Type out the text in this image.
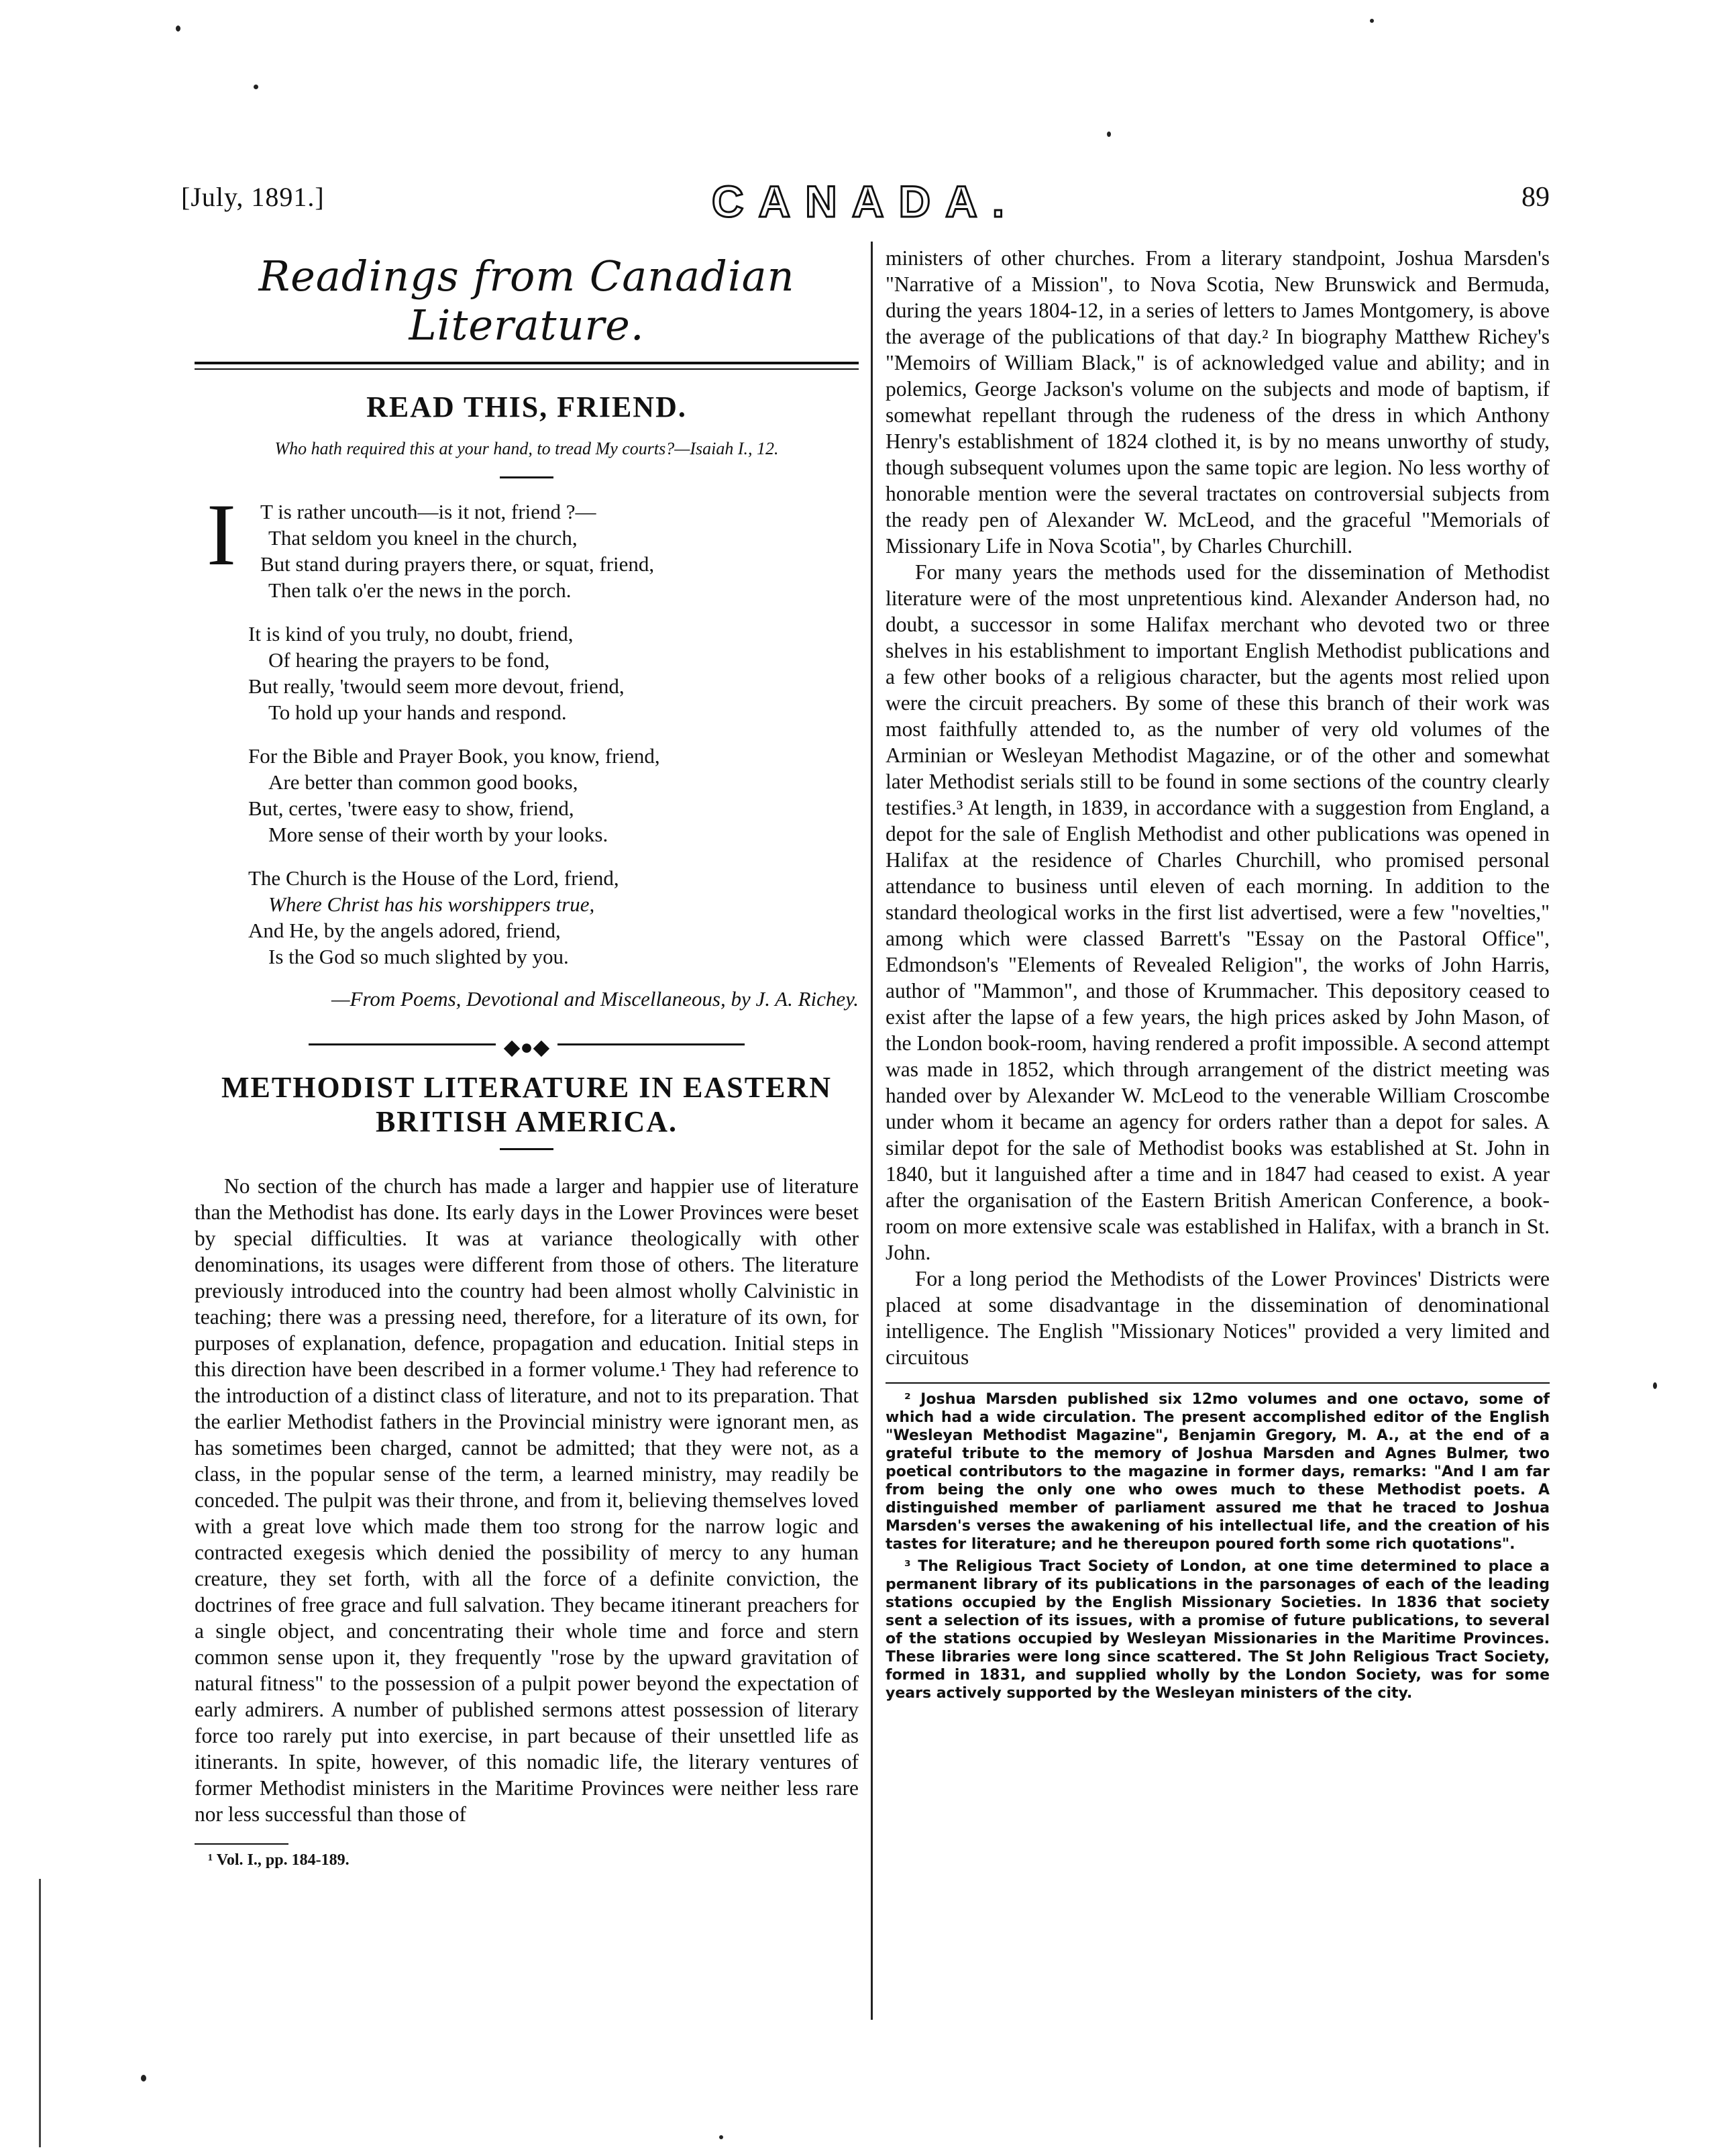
[July, 1891.]	CANADA.	89
Readings from Canadian Literature.
READ THIS, FRIEND.
Who hath required this at your hand, to tread My courts?—Isaiah I., 12.
I	T is rather uncouth—is it not, friend ?—
That seldom you kneel in the church,
But stand during prayers there, or squat, friend,
Then talk o'er the news in the porch.
It is kind of you truly, no doubt, friend,
Of hearing the prayers to be fond,
But really, 'twould seem more devout, friend,
To hold up your hands and respond.
For the Bible and Prayer Book, you know, friend,
Are better than common good books,
But, certes, 'twere easy to show, friend,
More sense of their worth by your looks.
The Church is the House of the Lord, friend,
Where Christ has his worshippers true,
And He, by the angels adored, friend,
Is the God so much slighted by you.
—From Poems, Devotional and Miscellaneous, by J. A. Richey.
◆●◆
METHODIST LITERATURE IN EASTERN
BRITISH AMERICA.

No section of the church has made a larger and happier use of literature than the Methodist has done. Its early days in the Lower Provinces were beset by special difficulties. It was at variance theologically with other denominations, its usages were different from those of others. The literature previously introduced into the country had been almost wholly Calvinistic in teaching; there was a pressing need, therefore, for a literature of its own, for purposes of explanation, defence, propagation and education. Initial steps in this direction have been described in a former volume.¹ They had reference to the introduction of a distinct class of literature, and not to its preparation. That the earlier Methodist fathers in the Provincial ministry were ignorant men, as has sometimes been charged, cannot be admitted; that they were not, as a class, in the popular sense of the term, a learned ministry, may readily be conceded. The pulpit was their throne, and from it, believing themselves loved with a great love which made them too strong for the narrow logic and contracted exegesis which denied the possibility of mercy to any human creature, they set forth, with all the force of a definite conviction, the doctrines of free grace and full salvation. They became itinerant preachers for a single object, and concentrating their whole time and force and stern common sense upon it, they frequently "rose by the upward gravitation of natural fitness" to the possession of a pulpit power beyond the expectation of early admirers. A number of published sermons attest possession of literary force too rarely put into exercise, in part because of their unsettled life as itinerants. In spite, however, of this nomadic life, the literary ventures of former Methodist ministers in the Maritime Provinces were neither less rare nor less successful than those of

¹ Vol. I., pp. 184-189.

ministers of other churches. From a literary standpoint, Joshua Marsden's "Narrative of a Mission", to Nova Scotia, New Brunswick and Bermuda, during the years 1804-12, in a series of letters to James Montgomery, is above the average of the publications of that day.² In biography Matthew Richey's "Memoirs of William Black," is of acknowledged value and ability; and in polemics, George Jackson's volume on the subjects and mode of baptism, if somewhat repellant through the rudeness of the dress in which Anthony Henry's establishment of 1824 clothed it, is by no means unworthy of study, though subsequent volumes upon the same topic are legion. No less worthy of honorable mention were the several tractates on controversial subjects from the ready pen of Alexander W. McLeod, and the graceful "Memorials of Missionary Life in Nova Scotia", by Charles Churchill.

For many years the methods used for the dissemination of Methodist literature were of the most unpretentious kind. Alexander Anderson had, no doubt, a successor in some Halifax merchant who devoted two or three shelves in his establishment to important English Methodist publications and a few other books of a religious character, but the agents most relied upon were the circuit preachers. By some of these this branch of their work was most faithfully attended to, as the number of very old volumes of the Arminian or Wesleyan Methodist Magazine, or of the other and somewhat later Methodist serials still to be found in some sections of the country clearly testifies.³ At length, in 1839, in accordance with a suggestion from England, a depot for the sale of English Methodist and other publications was opened in Halifax at the residence of Charles Churchill, who promised personal attendance to business until eleven of each morning. In addition to the standard theological works in the first list advertised, were a few "novelties," among which were classed Barrett's "Essay on the Pastoral Office", Edmondson's "Elements of Revealed Religion", the works of John Harris, author of "Mammon", and those of Krummacher. This depository ceased to exist after the lapse of a few years, the high prices asked by John Mason, of the London book-room, having rendered a profit impossible. A second attempt was made in 1852, which through arrangement of the district meeting was handed over by Alexander W. McLeod to the venerable William Croscombe under whom it became an agency for orders rather than a depot for sales. A similar depot for the sale of Methodist books was established at St. John in 1840, but it languished after a time and in 1847 had ceased to exist. A year after the organisation of the Eastern British American Conference, a book-room on more extensive scale was established in Halifax, with a branch in St. John.

For a long period the Methodists of the Lower Provinces' Districts were placed at some disadvantage in the dissemination of denominational intelligence. The English "Missionary Notices" provided a very limited and circuitous

² Joshua Marsden published six 12mo volumes and one octavo, some of which had a wide circulation. The present accomplished editor of the English "Wesleyan Methodist Magazine", Benjamin Gregory, M. A., at the end of a grateful tribute to the memory of Joshua Marsden and Agnes Bulmer, two poetical contributors to the magazine in former days, remarks: "And I am far from being the only one who owes much to these Methodist poets. A distinguished member of parliament assured me that he traced to Joshua Marsden's verses the awakening of his intellectual life, and the creation of his tastes for literature; and he thereupon poured forth some rich quotations".

³ The Religious Tract Society of London, at one time determined to place a permanent library of its publications in the parsonages of each of the leading stations occupied by the English Missionary Societies. In 1836 that society sent a selection of its issues, with a promise of future publications, to several of the stations occupied by Wesleyan Missionaries in the Maritime Provinces. These libraries were long since scattered. The St John Religious Tract Society, formed in 1831, and supplied wholly by the London Society, was for some years actively supported by the Wesleyan ministers of the city.
